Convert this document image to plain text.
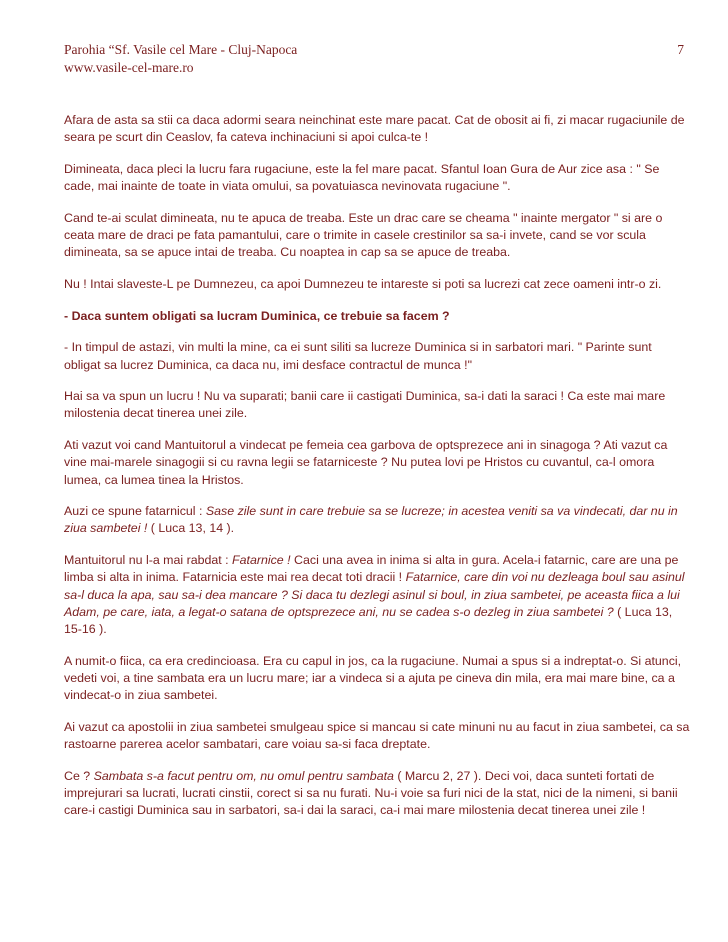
Parohia “Sf. Vasile cel Mare - Cluj-Napoca
www.vasile-cel-mare.ro
7

Afara de asta sa stii ca daca adormi seara neinchinat este mare pacat. Cat de obosit ai fi, zi macar rugaciunile de seara pe scurt din Ceaslov, fa cateva inchinaciuni si apoi culca-te !

Dimineata, daca pleci la lucru fara rugaciune, este la fel mare pacat. Sfantul Ioan Gura de Aur zice asa : " Se cade, mai inainte de toate in viata omului, sa povatuiasca nevinovata rugaciune ".

Cand te-ai sculat dimineata, nu te apuca de treaba. Este un drac care se cheama " inainte mergator " si are o ceata mare de draci pe fata pamantului, care o trimite in casele crestinilor sa sa-i invete, cand se vor scula dimineata, sa se apuce intai de treaba. Cu noaptea in cap sa se apuce de treaba.

Nu ! Intai slaveste-L pe Dumnezeu, ca apoi Dumnezeu te intareste si poti sa lucrezi cat zece oameni intr-o zi.

- Daca suntem obligati sa lucram Duminica, ce trebuie sa facem ?

- In timpul de astazi, vin multi la mine, ca ei sunt siliti sa lucreze Duminica si in sarbatori mari. " Parinte sunt obligat sa lucrez Duminica, ca daca nu, imi desface contractul de munca !"

Hai sa va spun un lucru ! Nu va suparati; banii care ii castigati Duminica, sa-i dati la saraci ! Ca este mai mare milostenia decat tinerea unei zile.

Ati vazut voi cand Mantuitorul a vindecat pe femeia cea garbova de optsprezece ani in sinagoga ? Ati vazut ca vine mai-marele sinagogii si cu ravna legii se fatarniceste ? Nu putea lovi pe Hristos cu cuvantul, ca-l omora lumea, ca lumea tinea la Hristos.

Auzi ce spune fatarnicul : Sase zile sunt in care trebuie sa se lucreze; in acestea veniti sa va vindecati, dar nu in ziua sambetei ! ( Luca 13, 14 ).

Mantuitorul nu l-a mai rabdat : Fatarnice ! Caci una avea in inima si alta in gura. Acela-i fatarnic, care are una pe limba si alta in inima. Fatarnicia este mai rea decat toti dracii ! Fatarnice, care din voi nu dezleaga boul sau asinul sa-l duca la apa, sau sa-i dea mancare ? Si daca tu dezlegi asinul si boul, in ziua sambetei, pe aceasta fiica a lui Adam, pe care, iata, a legat-o satana de optsprezece ani, nu se cadea s-o dezleg in ziua sambetei ? ( Luca 13, 15-16 ).

A numit-o fiica, ca era credincioasa. Era cu capul in jos, ca la rugaciune. Numai a spus si a indreptat-o. Si atunci, vedeti voi, a tine sambata era un lucru mare; iar a vindeca si a ajuta pe cineva din mila, era mai mare bine, ca a vindecat-o in ziua sambetei.

Ai vazut ca apostolii in ziua sambetei smulgeau spice si mancau si cate minuni nu au facut in ziua sambetei, ca sa rastoarne parerea acelor sambatari, care voiau sa-si faca dreptate.

Ce ? Sambata s-a facut pentru om, nu omul pentru sambata ( Marcu 2, 27 ). Deci voi, daca sunteti fortati de imprejurari sa lucrati, lucrati cinstii, corect si sa nu furati. Nu-i voie sa furi nici de la stat, nici de la nimeni, si banii care-i castigi Duminica sau in sarbatori, sa-i dai la saraci, ca-i mai mare milostenia decat tinerea unei zile !
